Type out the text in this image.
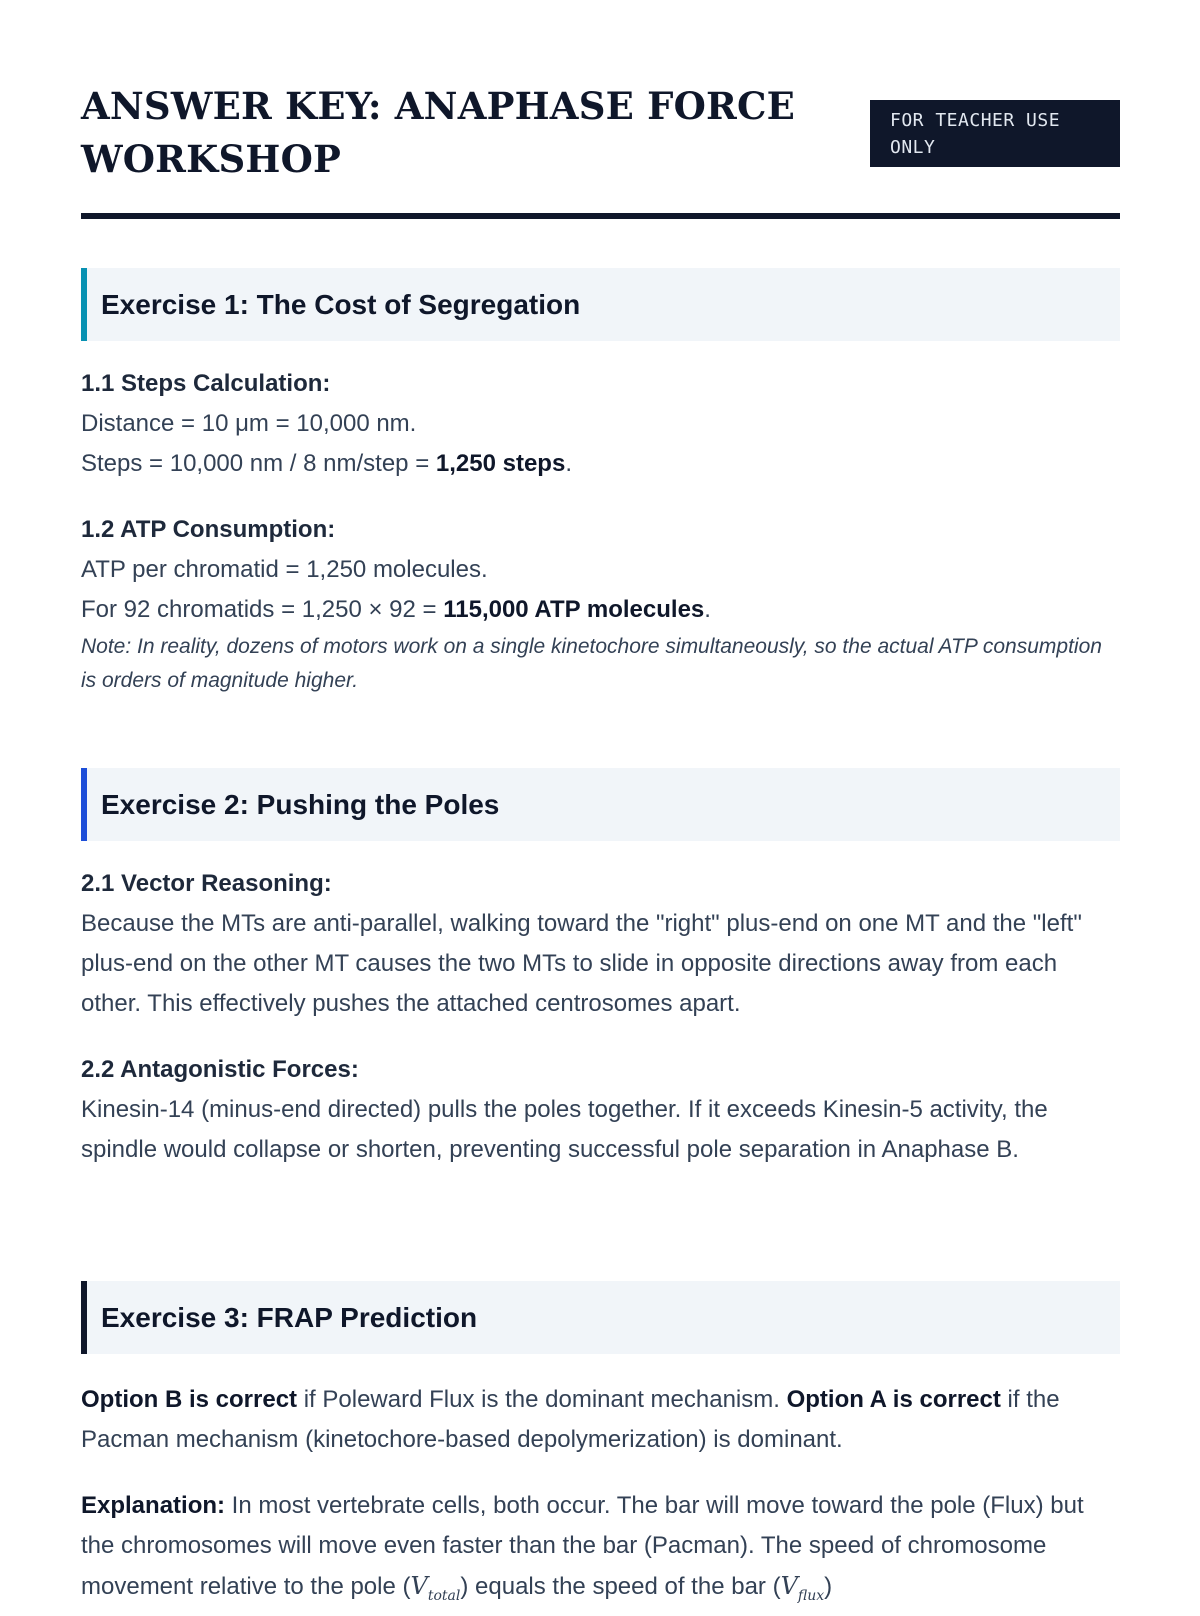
ANSWER KEY: ANAPHASE FORCE WORKSHOP
FOR TEACHER USE ONLY
Exercise 1: The Cost of Segregation

1.1 Steps Calculation:

Distance = 10 μm = 10,000 nm.

Steps = 10,000 nm / 8 nm/step = 1,250 steps.

1.2 ATP Consumption:

ATP per chromatid = 1,250 molecules.

For 92 chromatids = 1,250 × 92 = 115,000 ATP molecules.

Note: In reality, dozens of motors work on a single kinetochore simultaneously, so the actual ATP consumption is orders of magnitude higher.

Exercise 2: Pushing the Poles

2.1 Vector Reasoning:

Because the MTs are anti-parallel, walking toward the "right" plus-end on one MT and the "left" plus-end on the other MT causes the two MTs to slide in opposite directions away from each other. This effectively pushes the attached centrosomes apart.

2.2 Antagonistic Forces:

Kinesin-14 (minus-end directed) pulls the poles together. If it exceeds Kinesin-5 activity, the spindle would collapse or shorten, preventing successful pole separation in Anaphase B.

Exercise 3: FRAP Prediction

Option B is correct if Poleward Flux is the dominant mechanism. Option A is correct if the Pacman mechanism (kinetochore-based depolymerization) is dominant.

Explanation: In most vertebrate cells, both occur. The bar will move toward the pole (Flux) but the chromosomes will move even faster than the bar (Pacman). The speed of chromosome movement relative to the pole $(V_{total})$ equals the speed of the bar $(V_{flux})$
